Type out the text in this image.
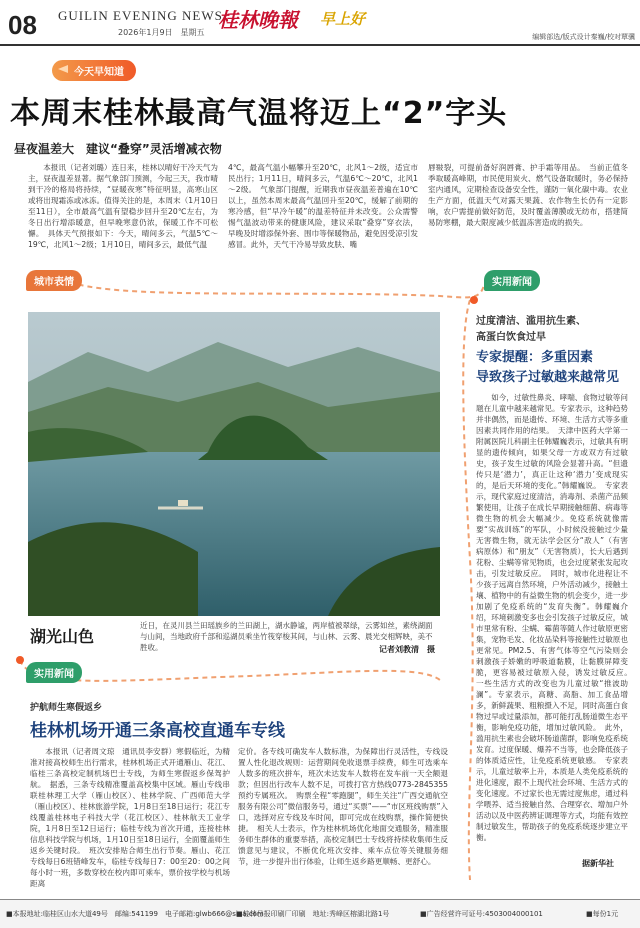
08 GUILIN EVENING NEWS
2026年1月9日　星期五
桂林晚報 早上好
编辑部选/版式设计秦巍/校对覃骥
今天早知道
本周末桂林最高气温将迈上“2”字头
昼夜温差大　建议“叠穿”灵活增减衣物

本报讯（记者刘璐）连日来，桂林以晴好干冷天气为主，昼夜温差显著。据气象部门预测，今起三天，我市晴到干冷的格局将持续，“昼暖夜寒”特征明显，高寒山区或将出现霜冻或冰冻。值得关注的是，本周末（1月10日至11日），全市最高气温有望稳步回升至20℃左右，为冬日出行增添暖意，但早晚寒意仍浓，保暖工作不可松懈。　具体天气预报如下：今天，晴间多云，气温5℃～19℃，北风1～2级；1月10日，晴间多云，最低气温

4℃，最高气温小幅攀升至20℃，北风1～2级，适宜市民出行；1月11日，晴间多云，气温6℃～20℃，北风1～2级。　气象部门提醒，近期我市昼夜温差普遍在10℃以上，虽然本周末最高气温回升至20℃，缓解了前期的寒冷感，但“早冷午暖”的温差特征并未改变。公众需警惕气温波动带来的健康风险，建议采取“叠穿”穿衣法，早晚及时增添保外套、围巾等保暖物品，避免因受凉引发感冒。此外，天气干冷易导致皮肤、嘴

唇皲裂，可提前备好润唇膏、护手霜等用品。　当前正值冬季取暖高峰期，市民使用炭火、燃气设备取暖时，务必保持室内通风，定期检查设备安全性，谨防一氧化碳中毒。农业生产方面，低温天气对露天果蔬、农作物生长仍有一定影响，农户需提前做好防范，及时覆盖薄膜或无纺布，搭建简易防寒棚，最大限度减少低温冻害造成的损失。

城市表情	实用新闻
湖光山色
近日，在灵川县兰田瑶族乡的兰田湖上，湖水静谧，两岸植被翠绿，云雾如丝，素绕湖面与山间，当地政府千部和巡湖员乘坐竹筏穿梭其间，与山林、云雾、晨光交相辉映，美不胜收。	记者刘教清　摄
过度清洁、滥用抗生素、
高蛋白饮食过早
专家提醒：多重因素
导致孩子过敏越来越常见

如今，过敏性鼻炎、哮喘、食物过敏等问题在儿童中越来越常见。专家表示，这种趋势并非偶然，而是遗传、环境、生活方式等多重因素共同作用的结果。　天津中医药大学第一附属医院儿科副主任韩耀巍表示，过敏具有明显的遗传倾向，如果父母一方或双方有过敏史，孩子发生过敏的风险会显著升高。“但遗传只是‘潜力’，真正让这种‘潜力’变成现实的，是后天环境的变化。”韩耀巍说。　专家表示，现代家庭过度清洁，消毒剂、杀菌产品频繁使用，让孩子在成长早期接触细菌、病毒等微生物的机会大幅减少。免疫系统就像需要“实战训练”的军队，小时候没接触过少量无害微生物，就无法学会区分“敌人”（有害病原体）和“朋友”（无害物质），长大后遇到花粉、尘螨等常见物质，也会过度紧张发起攻击，引发过敏反应。　同时，城市化进程让不少孩子远离自然环境，户外活动减少，接触土壤、植物中的有益微生物的机会变少，进一步加剧了免疫系统的“发育失衡”。韩耀巍介绍，环境刺激变多也会引发孩子过敏反应，城市里常有粉、尘螨、霉菌等随人作过敏原更密集，宠物毛发、化妆品染料等接触性过敏原也更常见。PM2.5、有害气体等空气污染则会刺激孩子娇嫩的呼吸道黏膜，让黏膜屏障变脆，更容易被过敏原入侵，诱发过敏反应。　一些生活方式的改变也为儿童过敏“推波助澜”。专家表示，高糖、高脂、加工食品增多，新鲜蔬果、粗粮摄入不足，同时高蛋白食物过早或过量添加，都可能打乱肠道微生态平衡，影响免疫功能，增加过敏风险。　此外，滥用抗生素也会破坏肠道菌群，影响免疫系统发育。过度保暖、爆养不当等，也会降低孩子的体质适应性，让免疫系统更敏感。　专家表示，儿童过敏率上升，本质是人类免疫系统的进化速度，跟不上现代社会环境、生活方式的变化速度。不过家长也无需过度焦虑，通过科学喂养、适当接触自然、合理穿衣、增加户外活动以及中医药辨证调理等方式，均能有效控制过敏发生，帮助孩子的免疫系统逐步建立平衡。

据新华社
实用新闻
护航师生寒假返乡
桂林机场开通三条高校直通车专线

本报讯（记者周文琼　通讯员李安群）寒假临近，为精准对接高校师生出行需求，桂林机场正式开通雁山、花江、临桂三条高校定制机场巴士专线，为师生寒假返乡保驾护航。　据悉，三条专线精准覆盖高校集中区域。雁山专线串联桂林理工大学（雁山校区）、桂林学院、广西师范大学（雁山校区）、桂林旅游学院，1月8日至18日运行；花江专线覆盖桂林电子科技大学（花江校区）、桂林航天工业学院，1月8日至12日运行；临桂专线为首次开通，连接桂林信息科技学院与机场，1月10日至18日运行，全面覆盖师生返乡关键时段。　班次安排贴合师生出行节奏。雁山、花江专线每日6班错峰发车，临桂专线每日7：00至20：00之间每小时一班，多数穿校在校内即可乘车，票价按学校与机场距离

定价。各专线可确发车人数标准，为保障出行灵活性，专线设置人性化退改规则：运营期间免收退票手续费，师生可选乘车人数多的班次拼车，班次未达发车人数将在发车前一天全额退款；但因出行改车人数不足，可拨打官方热线0773-2845355预约专属班次。　购票全程“零跑腿”，师生关注“广西交通航空服务有限公司”微信服务号，通过“买票”——“市区班线购票”入口，选择对应专线及车时间，即可完成在线购票，操作简便快捷。　相关人士表示，作为桂林机场优化地面交通服务，精准服务师生群体的重要举措，高校定制巴士专线将持续收集师生反馈意见与建议，不断优化班次安排、乘车点位等关键服务细节，进一步提升出行体验，让师生返乡路更顺畅、更舒心。

■本报地址:临桂区山水大道49号　邮编:541199　电子邮箱:glwb666@sina.com
■桂林日报印刷厂印刷　地址:秀峰区榕湖北路1号	■广告经营许可证号:4503004000101	■每份1元
